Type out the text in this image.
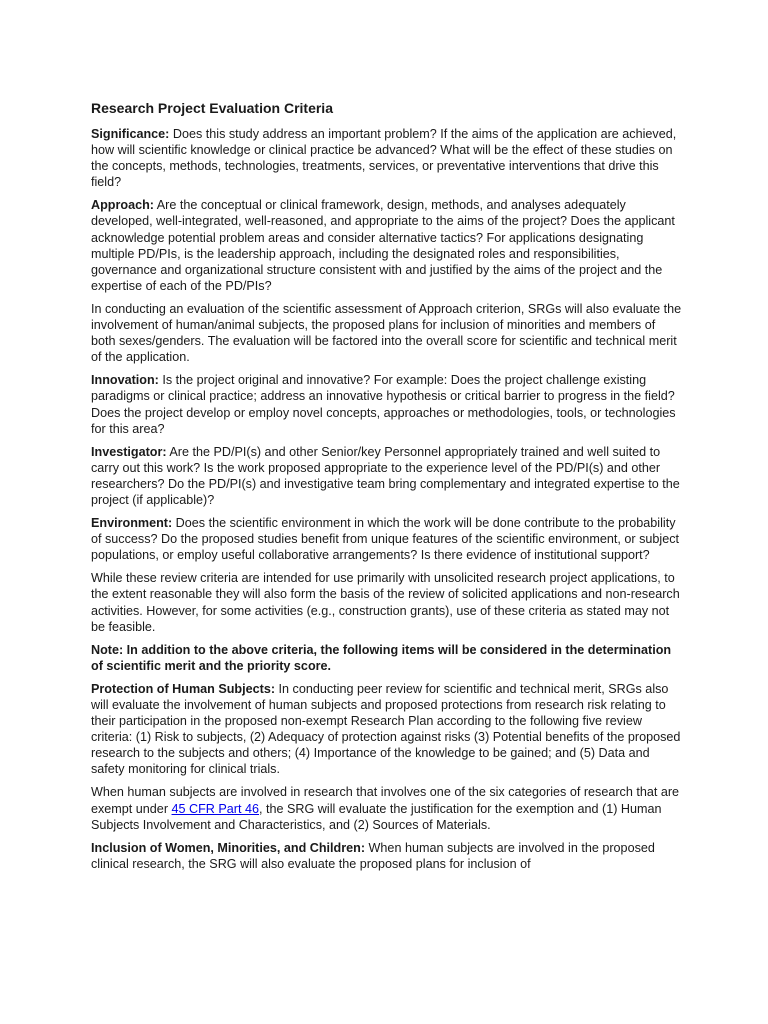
Research Project Evaluation Criteria

Significance: Does this study address an important problem? If the aims of the application are achieved, how will scientific knowledge or clinical practice be advanced? What will be the effect of these studies on the concepts, methods, technologies, treatments, services, or preventative interventions that drive this field?

Approach: Are the conceptual or clinical framework, design, methods, and analyses adequately developed, well-integrated, well-reasoned, and appropriate to the aims of the project? Does the applicant acknowledge potential problem areas and consider alternative tactics? For applications designating multiple PD/PIs, is the leadership approach, including the designated roles and responsibilities, governance and organizational structure consistent with and justified by the aims of the project and the expertise of each of the PD/PIs?

In conducting an evaluation of the scientific assessment of Approach criterion, SRGs will also evaluate the involvement of human/animal subjects, the proposed plans for inclusion of minorities and members of both sexes/genders. The evaluation will be factored into the overall score for scientific and technical merit of the application.

Innovation: Is the project original and innovative? For example: Does the project challenge existing paradigms or clinical practice; address an innovative hypothesis or critical barrier to progress in the field? Does the project develop or employ novel concepts, approaches or methodologies, tools, or technologies for this area?

Investigator: Are the PD/PI(s) and other Senior/key Personnel appropriately trained and well suited to carry out this work? Is the work proposed appropriate to the experience level of the PD/PI(s) and other researchers? Do the PD/PI(s) and investigative team bring complementary and integrated expertise to the project (if applicable)?

Environment: Does the scientific environment in which the work will be done contribute to the probability of success? Do the proposed studies benefit from unique features of the scientific environment, or subject populations, or employ useful collaborative arrangements? Is there evidence of institutional support?

While these review criteria are intended for use primarily with unsolicited research project applications, to the extent reasonable they will also form the basis of the review of solicited applications and non-research activities. However, for some activities (e.g., construction grants), use of these criteria as stated may not be feasible.

Note: In addition to the above criteria, the following items will be considered in the determination of scientific merit and the priority score.

Protection of Human Subjects: In conducting peer review for scientific and technical merit, SRGs also will evaluate the involvement of human subjects and proposed protections from research risk relating to their participation in the proposed non-exempt Research Plan according to the following five review criteria: (1) Risk to subjects, (2) Adequacy of protection against risks (3) Potential benefits of the proposed research to the subjects and others; (4) Importance of the knowledge to be gained; and (5) Data and safety monitoring for clinical trials.

When human subjects are involved in research that involves one of the six categories of research that are exempt under 45 CFR Part 46, the SRG will evaluate the justification for the exemption and (1) Human Subjects Involvement and Characteristics, and (2) Sources of Materials.

Inclusion of Women, Minorities, and Children: When human subjects are involved in the proposed clinical research, the SRG will also evaluate the proposed plans for inclusion of
